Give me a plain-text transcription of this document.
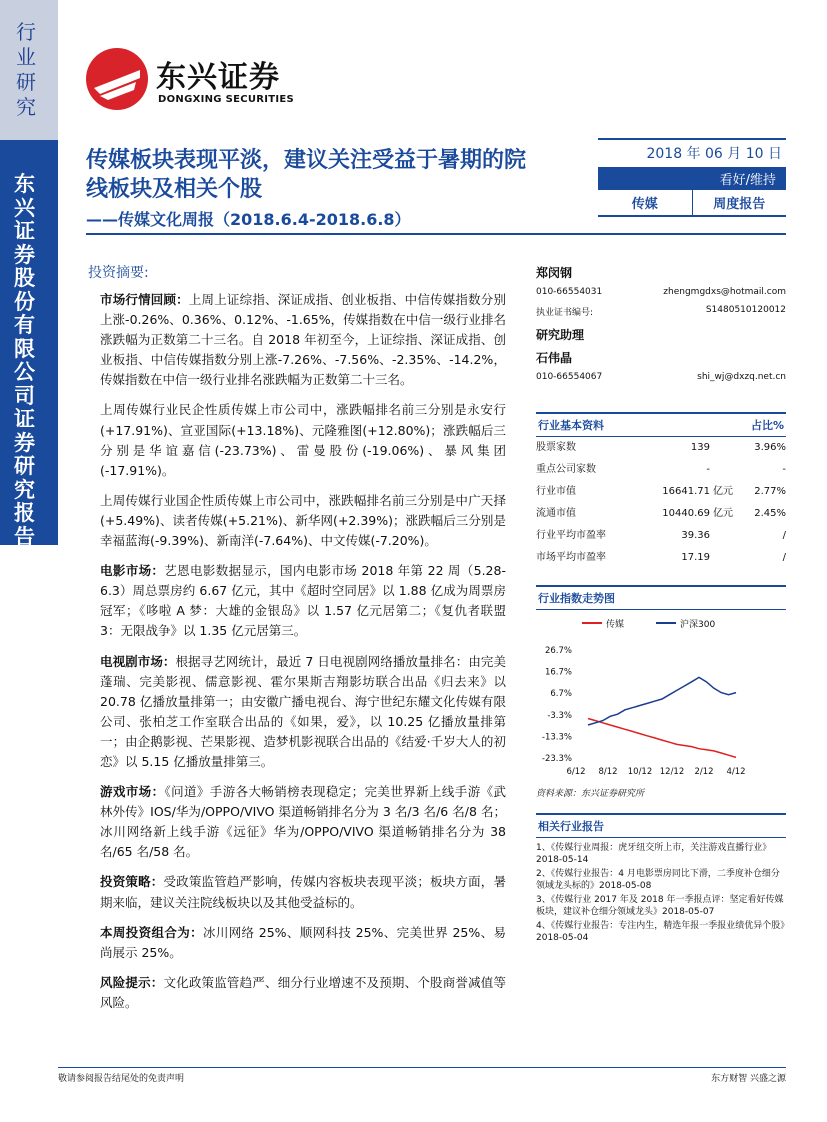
行业研究
东兴证券股份有限公司证券研究报告
东兴证券
DONGXING SECURITIES
传媒板块表现平淡，建议关注受益于暑期的院线板块及相关个股
——传媒文化周报（2018.6.4-2018.6.8）
2018 年 06 月 10 日
看好/维持
传媒	周度报告
投资摘要:

市场行情回顾：上周上证综指、深证成指、创业板指、中信传媒指数分别上涨-0.26%、0.36%、0.12%、-1.65%，传媒指数在中信一级行业排名涨跌幅为正数第二十三名。自 2018 年初至今，上证综指、深证成指、创业板指、中信传媒指数分别上涨-7.26%、-7.56%、-2.35%、-14.2%，传媒指数在中信一级行业排名涨跌幅为正数第二十三名。

上周传媒行业民企性质传媒上市公司中，涨跌幅排名前三分别是永安行(+17.91%)、宣亚国际(+13.18%)、元隆雅图(+12.80%)；涨跌幅后三分别是华谊嘉信(-23.73%)、雷曼股份(-19.06%)、暴风集团(-17.91%)。

上周传媒行业国企性质传媒上市公司中，涨跌幅排名前三分别是中广天择(+5.49%)、读者传媒(+5.21%)、新华网(+2.39%)；涨跌幅后三分别是幸福蓝海(-9.39%)、新南洋(-7.64%)、中文传媒(-7.20%)。

电影市场：艺恩电影数据显示，国内电影市场 2018 年第 22 周（5.28-6.3）周总票房约 6.67 亿元，其中《超时空同居》以 1.88 亿成为周票房冠军；《哆啦 A 梦：大雄的金银岛》以 1.57 亿元居第二；《复仇者联盟 3：无限战争》以 1.35 亿元居第三。

电视剧市场：根据寻艺网统计，最近 7 日电视剧网络播放量排名：由完美蓬瑞、完美影视、儒意影视、霍尔果斯吉翔影坊联合出品《归去来》以 20.78 亿播放量排第一；由安徽广播电视台、海宁世纪东耀文化传媒有限公司、张柏芝工作室联合出品的《如果，爱》，以 10.25 亿播放量排第一；由企鹅影视、芒果影视、造梦机影视联合出品的《结爱·千岁大人的初恋》以 5.15 亿播放量排第三。

游戏市场：《问道》手游各大畅销榜表现稳定；完美世界新上线手游《武林外传》IOS/华为/OPPO/VIVO 渠道畅销排名分为 3 名/3 名/6 名/8 名；冰川网络新上线手游《远征》华为/OPPO/VIVO 渠道畅销排名分为 38 名/65 名/58 名。

投资策略：受政策监管趋严影响，传媒内容板块表现平淡；板块方面，暑期来临，建议关注院线板块以及其他受益标的。

本周投资组合为：冰川网络 25%、顺网科技 25%、完美世界 25%、易尚展示 25%。

风险提示：文化政策监管趋严、细分行业增速不及预期、个股商誉减值等风险。

郑闵钢
010-66554031	zhengmgdxs@hotmail.com
执业证书编号:	S1480510120012
研究助理
石伟晶
010-66554067	shi_wj@dxzq.net.cn
行业基本资料	占比%
股票家数	139	3.96%
重点公司家数	-	-
行业市值	16641.71 亿元	2.77%
流通市值	10440.69 亿元	2.45%
行业平均市盈率	39.36	/
市场平均市盈率	17.19	/
行业指数走势图
传媒	沪深300
26.7%
16.7%
6.7%
-3.3%
-13.3%
-23.3%
6/12 8/12 10/12 12/12 2/12 4/12
资料来源：东兴证券研究所
相关行业报告
1、《传媒行业周报：虎牙纽交所上市，关注游戏直播行业》 2018-05-14
2、《传媒行业报告：4 月电影票房同比下滑，二季度补仓细分领域龙头标的》2018-05-08
3、《传媒行业 2017 年及 2018 年一季报点评：坚定看好传媒板块，建议补仓细分领域龙头》2018-05-07
4、《传媒行业报告：专注内生，精选年报一季报业绩优异个股》2018-05-04
敬请参阅报告结尾处的免责声明	东方财智 兴盛之源
